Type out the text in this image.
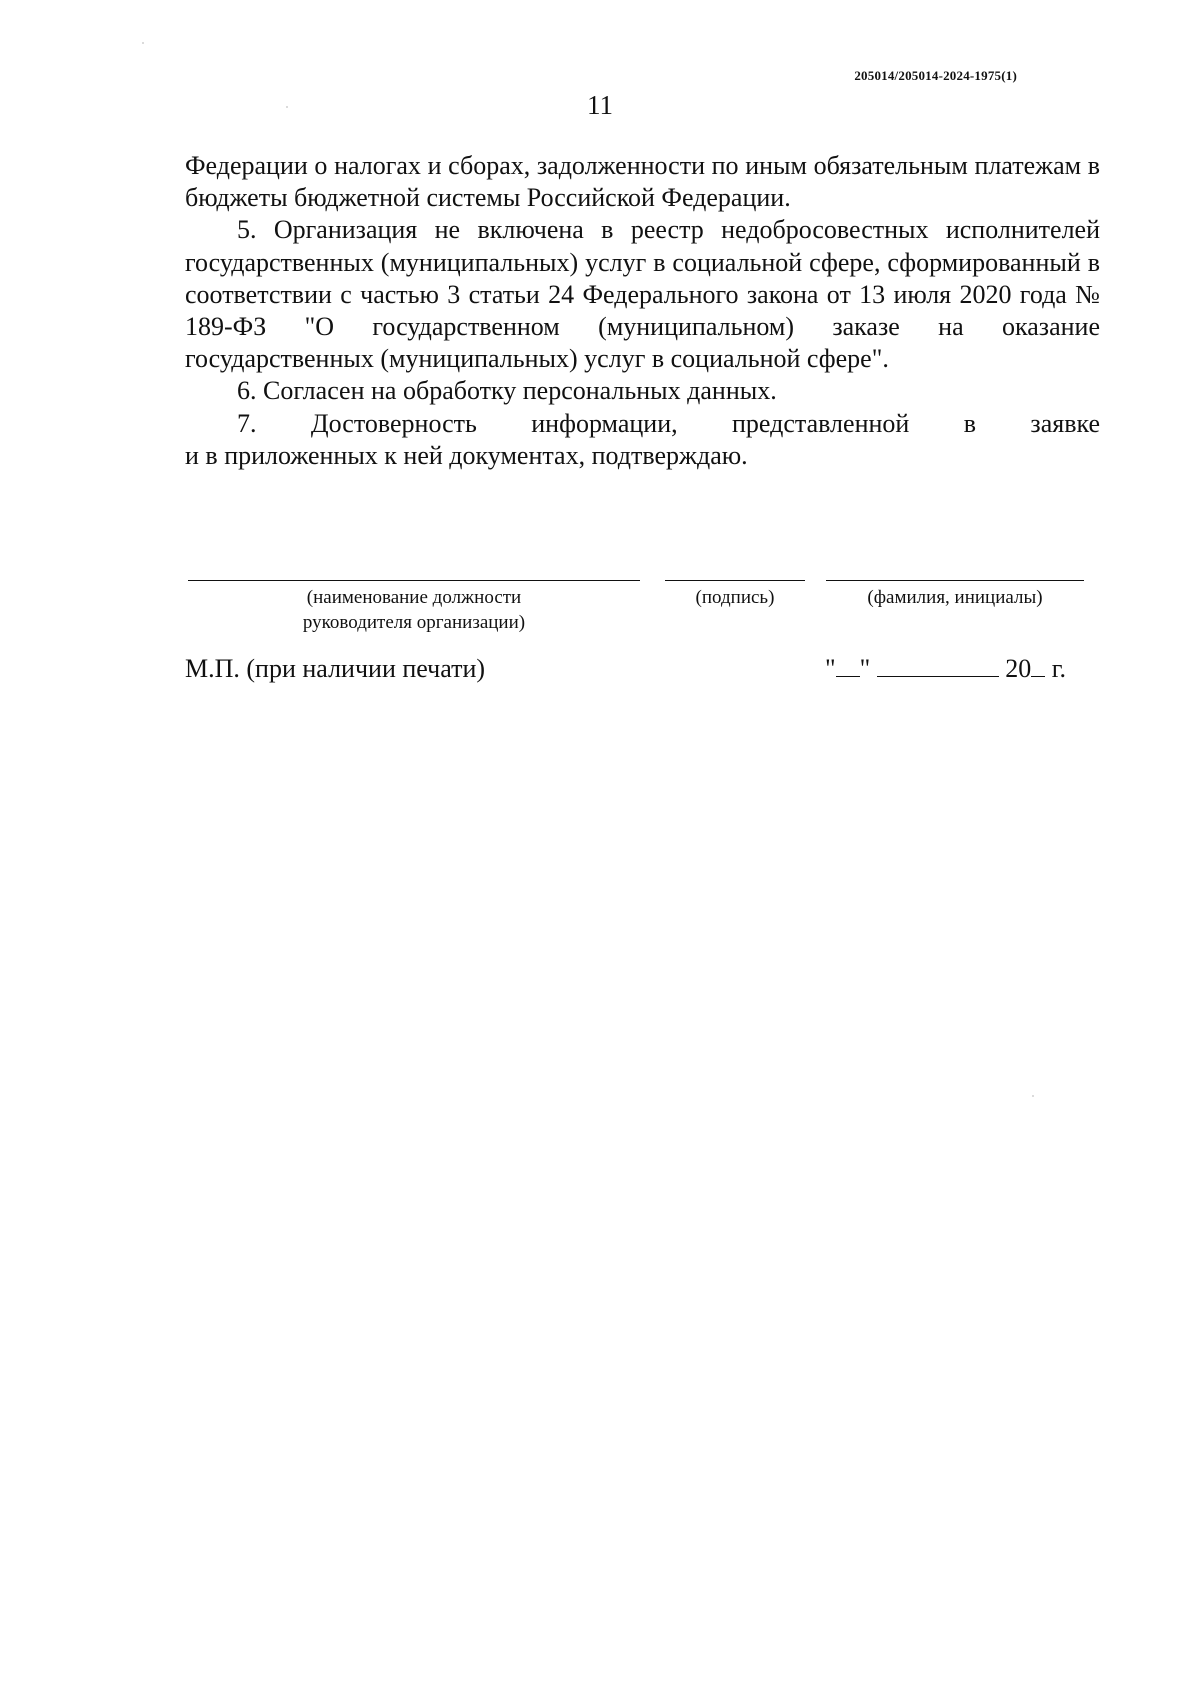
205014/205014-2024-1975(1)
11

Федерации о налогах и сборах, задолженности по иным обязательным платежам в бюджеты бюджетной системы Российской Федерации.

5. Организация не включена в реестр недобросовестных исполнителей государственных (муниципальных) услуг в социальной сфере, сформированный в соответствии с частью 3 статьи 24 Федерального закона от 13 июля 2020 года № 189-ФЗ "О государственном (муниципальном) заказе на оказание государственных (муниципальных) услуг в социальной сфере".

6. Согласен на обработку персональных данных.

7. Достоверность информации, представленной в заявке

и в приложенных к ней документах, подтверждаю.

(наименование должности
руководителя организации)
(подпись)	(фамилия, инициалы)
М.П. (при наличии печати)	" "	20 г.
